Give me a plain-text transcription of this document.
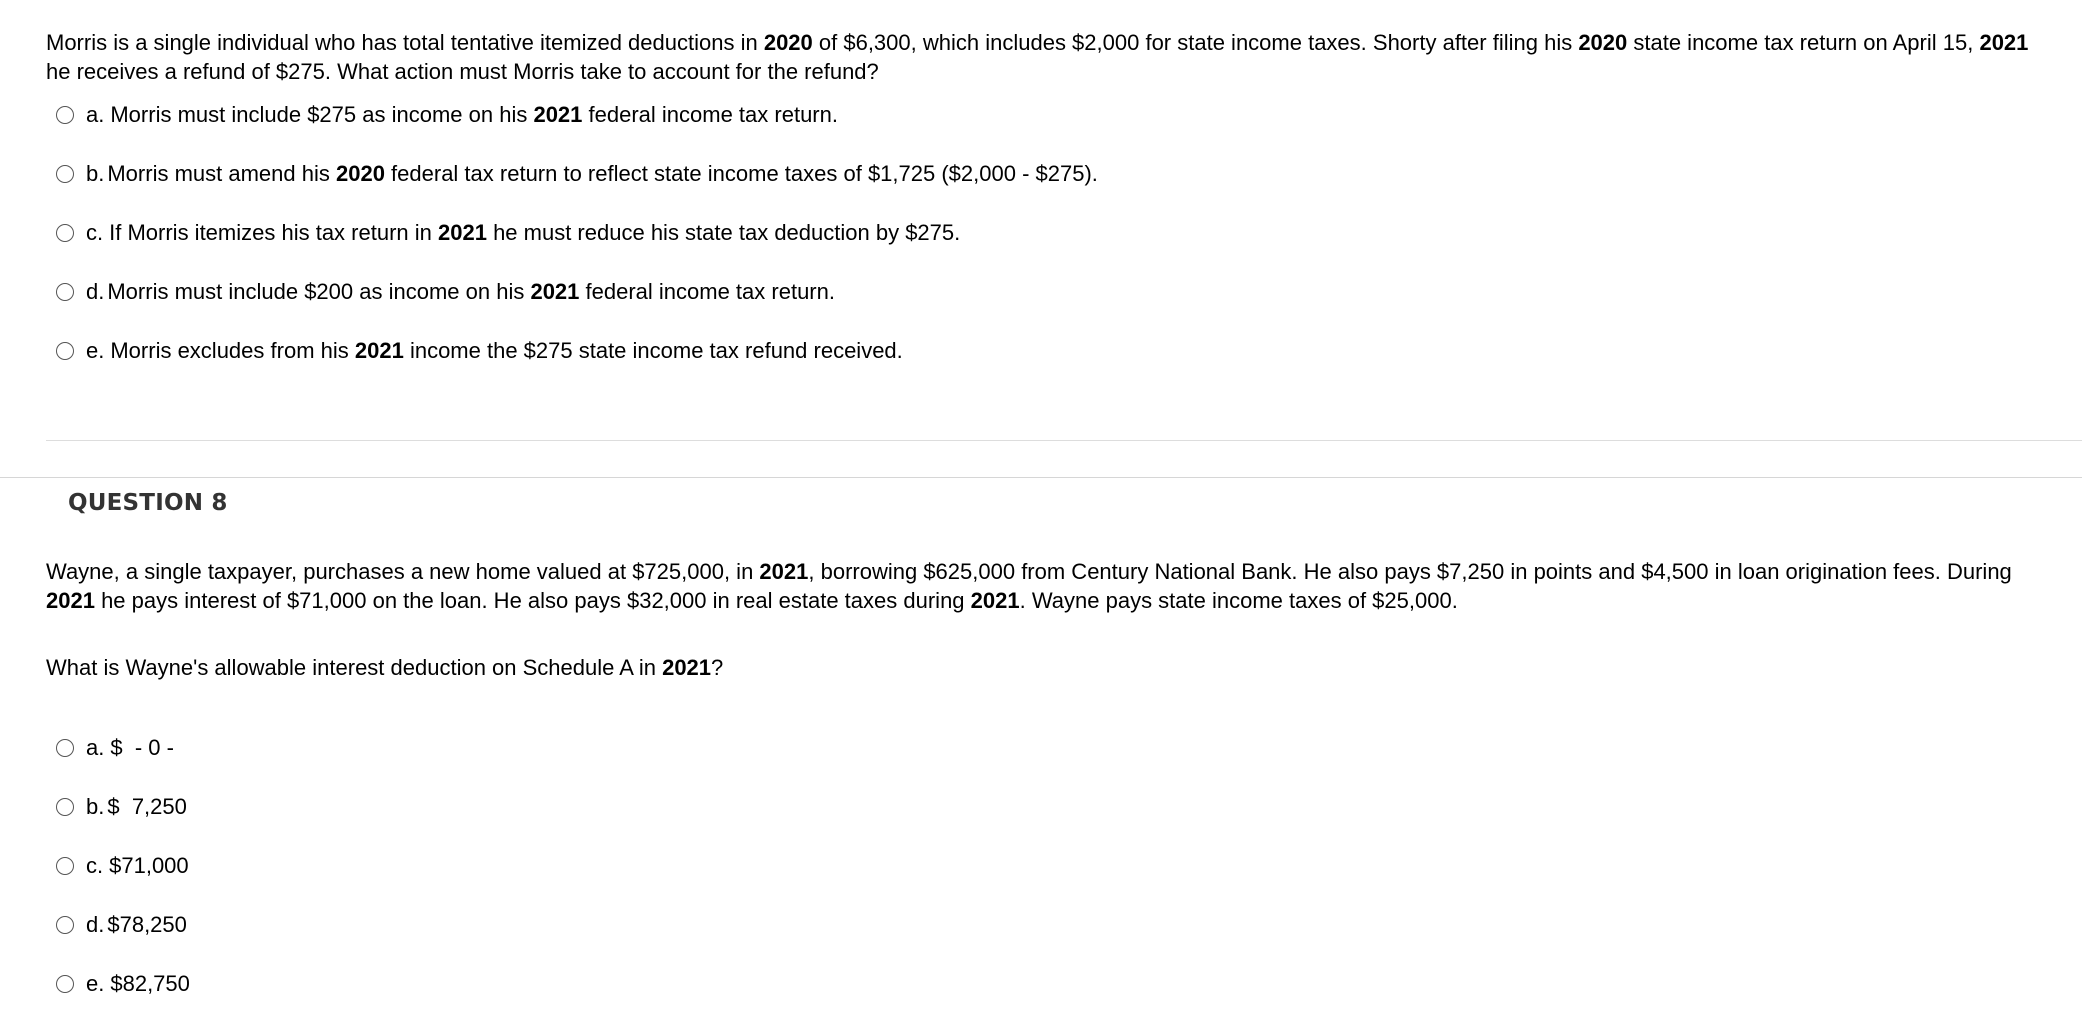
Morris is a single individual who has total tentative itemized deductions in 2020 of $6,300, which includes $2,000 for state income taxes. Shorty after filing his 2020 state income tax return on April 15, 2021 he receives a refund of $275. What action must Morris take to account for the refund?

a. Morris must include $275 as income on his 2021 federal income tax return.
b. Morris must amend his 2020 federal tax return to reflect state income taxes of $1,725 ($2,000 - $275).
c. If Morris itemizes his tax return in 2021 he must reduce his state tax deduction by $275.
d. Morris must include $200 as income on his 2021 federal income tax return.
e. Morris excludes from his 2021 income the $275 state income tax refund received.
QUESTION 8

Wayne, a single taxpayer, purchases a new home valued at $725,000, in 2021, borrowing $625,000 from Century National Bank. He also pays $7,250 in points and $4,500 in loan origination fees. During 2021 he pays interest of $71,000 on the loan. He also pays $32,000 in real estate taxes during 2021. Wayne pays state income taxes of $25,000.

What is Wayne's allowable interest deduction on Schedule A in 2021?

a. $  - 0 -
b. $  7,250
c. $71,000
d. $78,250
e. $82,750
